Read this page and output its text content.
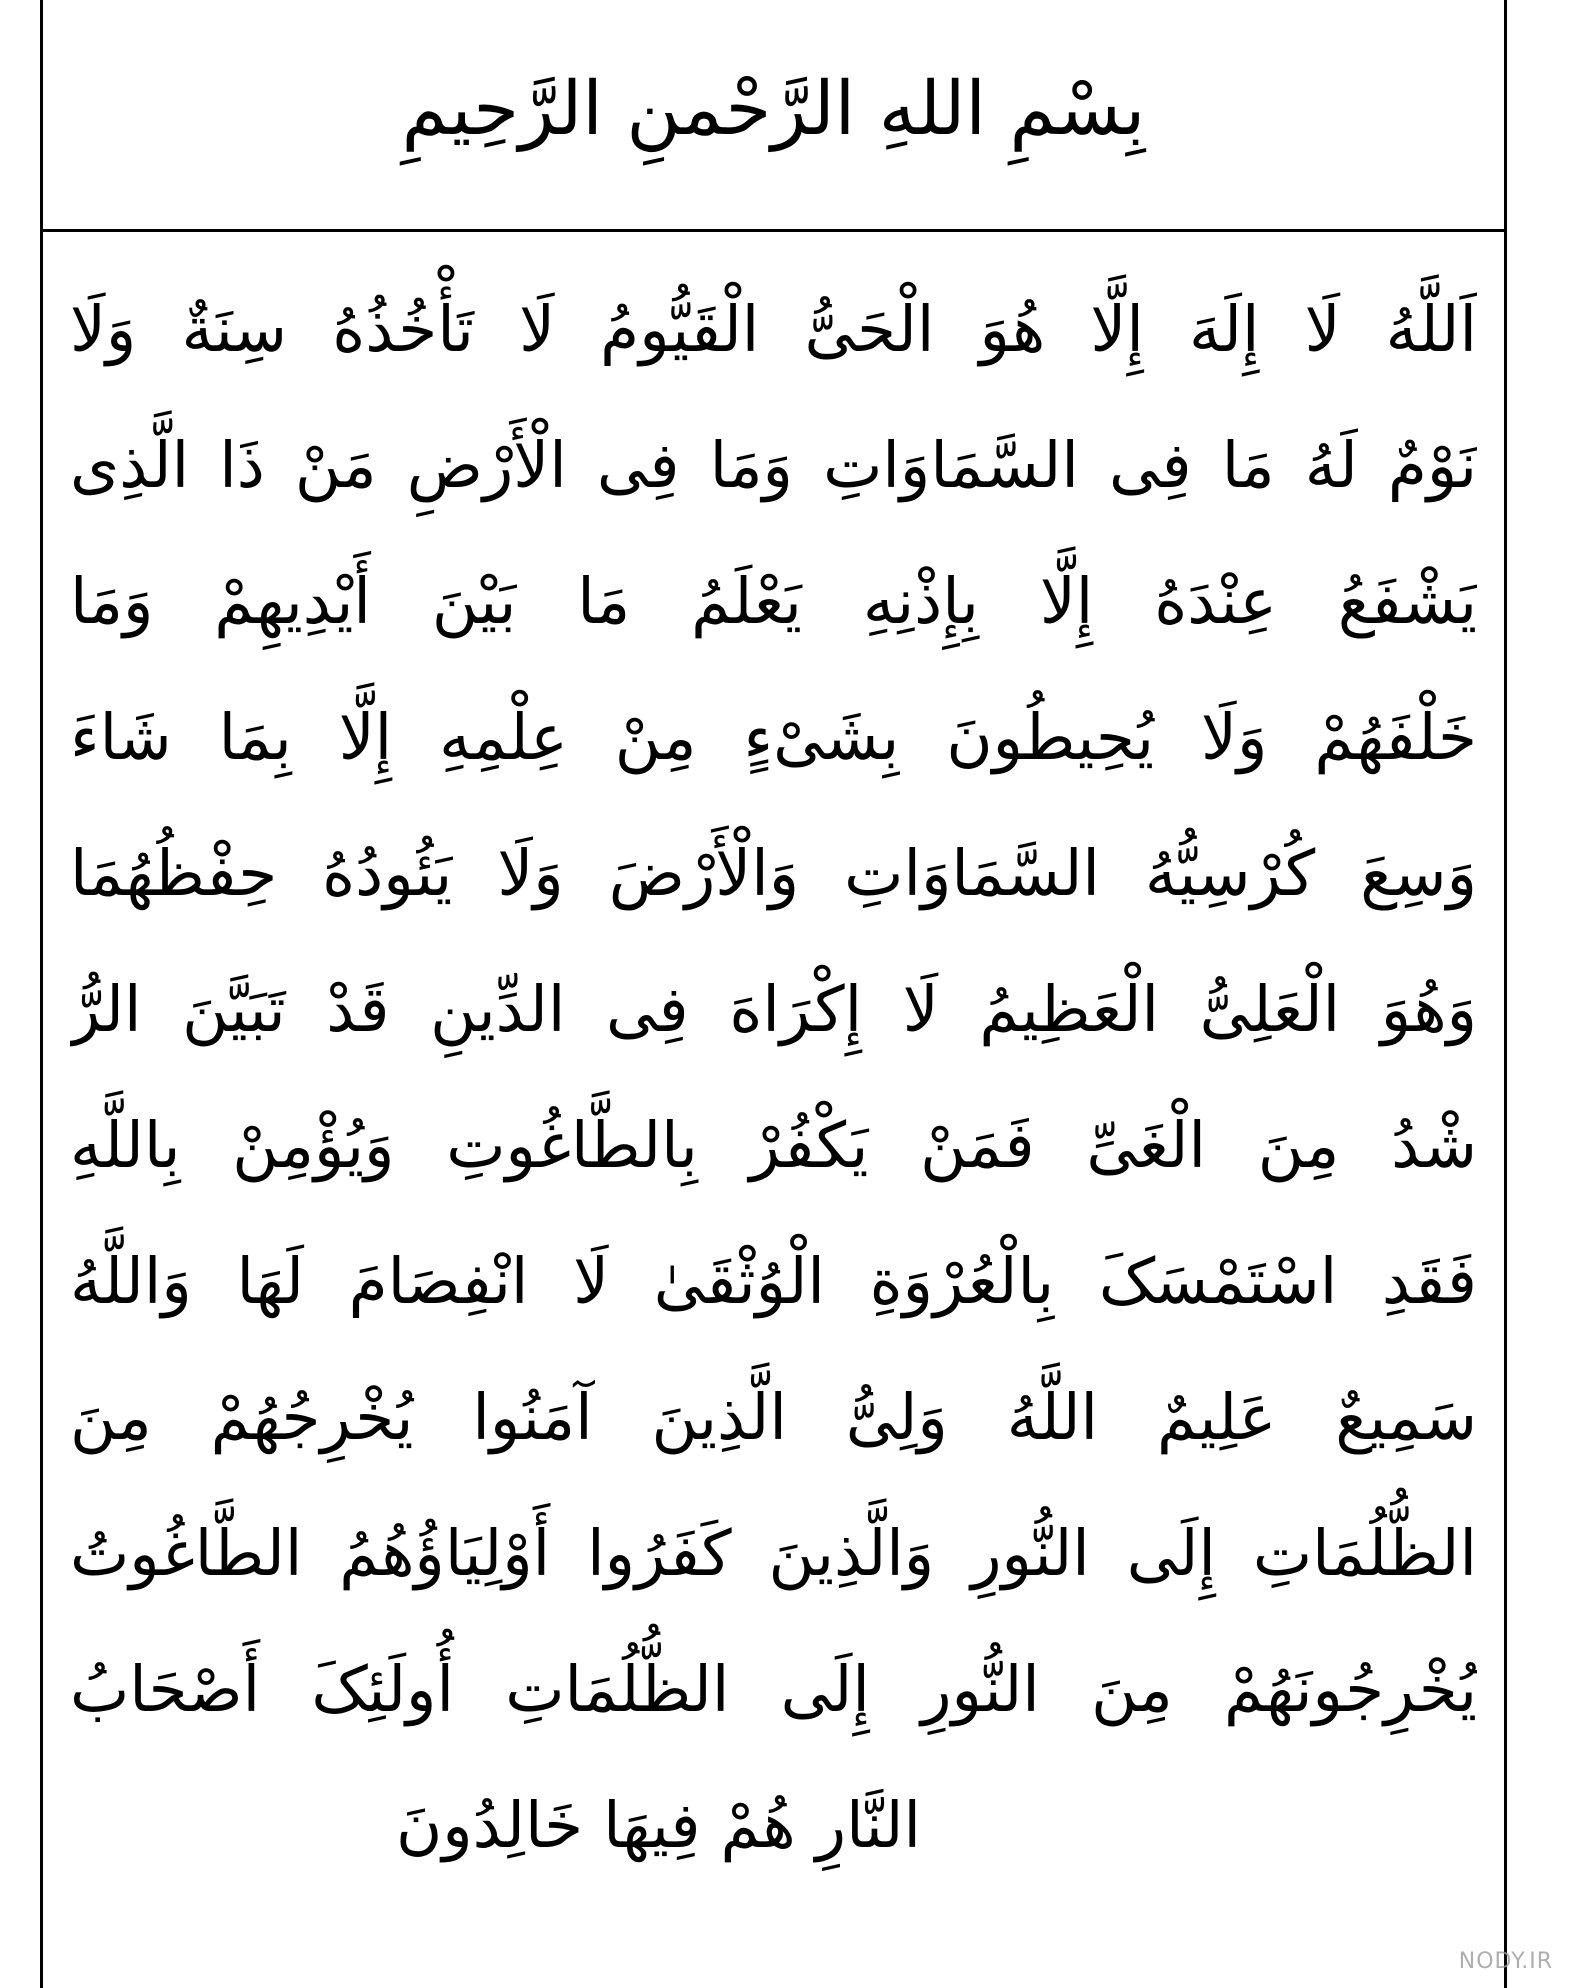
بِسْمِ اللهِ الرَّحْمنِ الرَّحِيمِ
اَللَّهُ لَا إِلَهَ إِلَّا هُوَ الْحَیُّ الْقَیُّومُ لَا تَأْخُذُهُ سِنَةٌ وَلَا
نَوْمٌ لَهُ مَا فِی السَّمَاوَاتِ وَمَا فِی الْأَرْضِ مَنْ ذَا الَّذِی
یَشْفَعُ عِنْدَهُ إِلَّا بِإِذْنِهِ یَعْلَمُ مَا بَیْنَ أَیْدِیهِمْ وَمَا
خَلْفَهُمْ وَلَا یُحِیطُونَ بِشَیْءٍ مِنْ عِلْمِهِ إِلَّا بِمَا شَاءَ
وَسِعَ کُرْسِیُّهُ السَّمَاوَاتِ وَالْأَرْضَ وَلَا یَئُودُهُ حِفْظُهُمَا
وَهُوَ الْعَلِیُّ الْعَظِیمُ لَا إِکْرَاهَ فِی الدِّینِ قَدْ تَبَیَّنَ الرُّ
شْدُ مِنَ الْغَیِّ فَمَنْ یَکْفُرْ بِالطَّاغُوتِ وَیُؤْمِنْ بِاللَّهِ
فَقَدِ اسْتَمْسَکَ بِالْعُرْوَةِ الْوُثْقَیٰ لَا انْفِصَامَ لَهَا وَاللَّهُ
سَمِیعٌ عَلِیمٌ اللَّهُ وَلِیُّ الَّذِینَ آمَنُوا یُخْرِجُهُمْ مِنَ
الظُّلُمَاتِ إِلَی النُّورِ وَالَّذِینَ کَفَرُوا أَوْلِیَاؤُهُمُ الطَّاغُوتُ
یُخْرِجُونَهُمْ مِنَ النُّورِ إِلَی الظُّلُمَاتِ أُولَئِکَ أَصْحَابُ
النَّارِ هُمْ فِیهَا خَالِدُونَ
NODY.IR
